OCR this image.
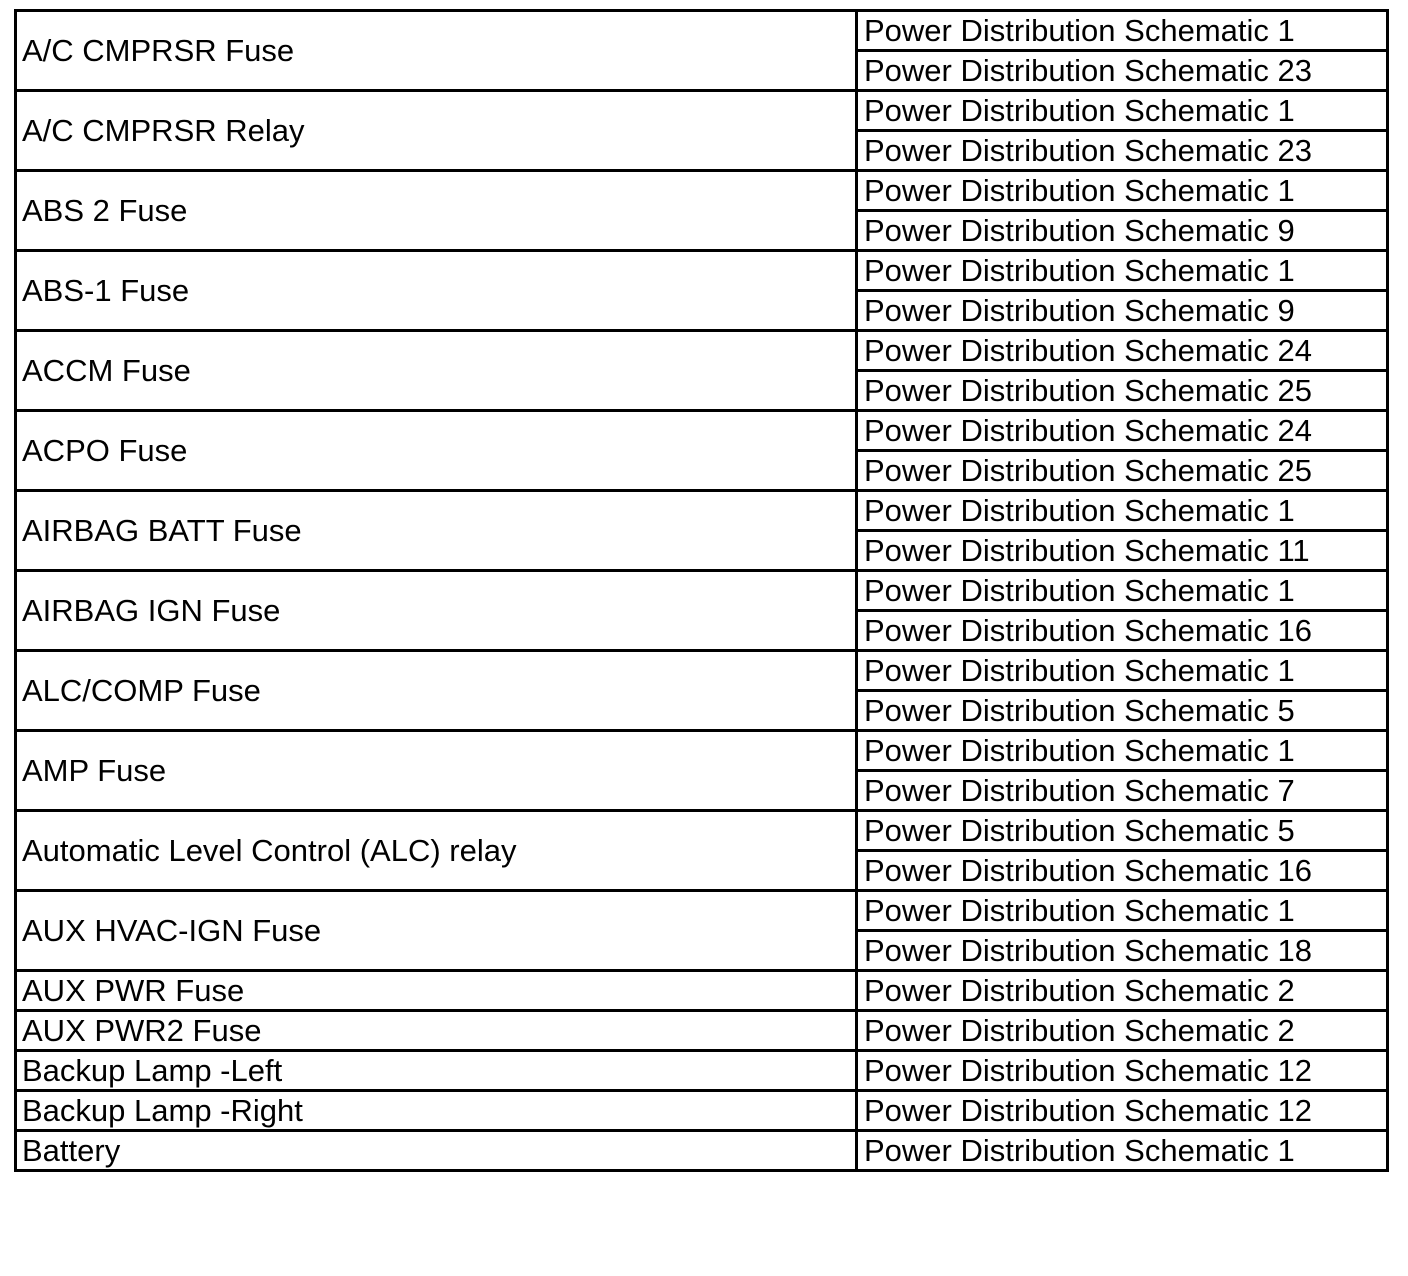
A/C CMPRSR Fuse	Power Distribution Schematic 1
	Power Distribution Schematic 23
A/C CMPRSR Relay	Power Distribution Schematic 1
	Power Distribution Schematic 23
ABS 2 Fuse	Power Distribution Schematic 1
	Power Distribution Schematic 9
ABS-1 Fuse	Power Distribution Schematic 1
	Power Distribution Schematic 9
ACCM Fuse	Power Distribution Schematic 24
	Power Distribution Schematic 25
ACPO Fuse	Power Distribution Schematic 24
	Power Distribution Schematic 25
AIRBAG BATT Fuse	Power Distribution Schematic 1
	Power Distribution Schematic 11
AIRBAG IGN Fuse	Power Distribution Schematic 1
	Power Distribution Schematic 16
ALC/COMP Fuse	Power Distribution Schematic 1
	Power Distribution Schematic 5
AMP Fuse	Power Distribution Schematic 1
	Power Distribution Schematic 7
Automatic Level Control (ALC) relay	Power Distribution Schematic 5
	Power Distribution Schematic 16
AUX HVAC-IGN Fuse	Power Distribution Schematic 1
	Power Distribution Schematic 18
AUX PWR Fuse	Power Distribution Schematic 2
AUX PWR2 Fuse	Power Distribution Schematic 2
Backup Lamp -Left	Power Distribution Schematic 12
Backup Lamp -Right	Power Distribution Schematic 12
Battery	Power Distribution Schematic 1
